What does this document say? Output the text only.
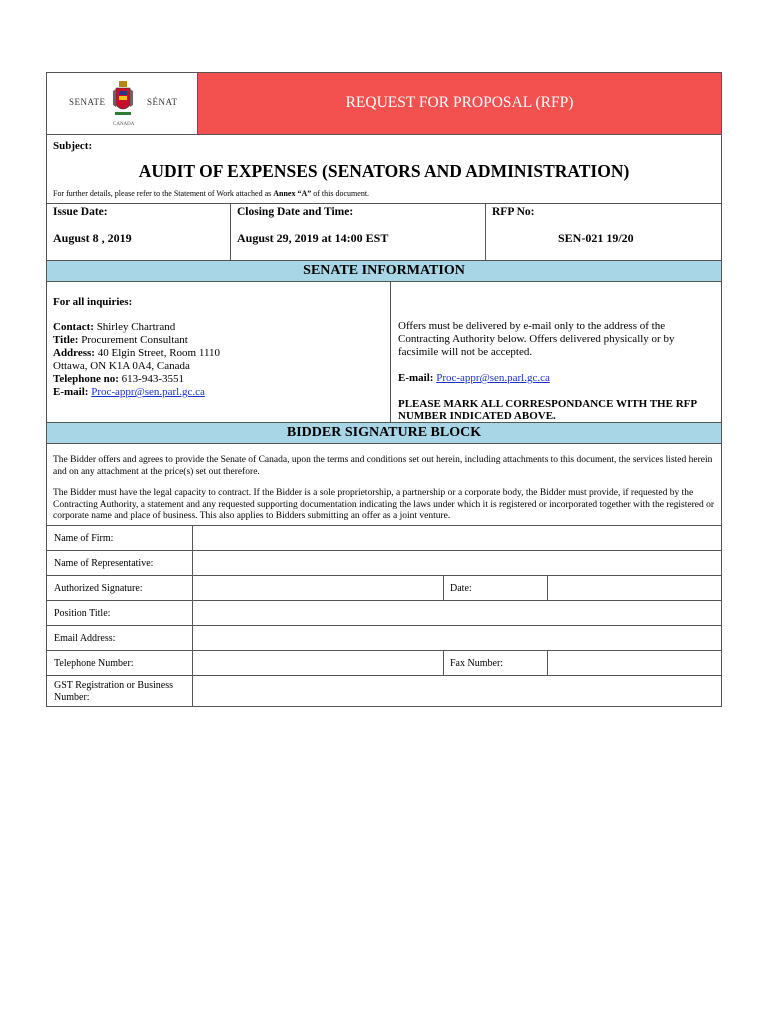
SENATE	SÉNAT
CANADA
REQUEST FOR PROPOSAL (RFP)
Subject:
AUDIT OF EXPENSES (SENATORS AND ADMINISTRATION)
For further details, please refer to the Statement of Work attached as Annex “A” of this document.
Issue Date:
August 8 , 2019
Closing Date and Time:
August 29, 2019 at 14:00 EST
RFP No:
SEN-021 19/20
SENATE INFORMATION
For all inquiries:
Contact: Shirley Chartrand
Title: Procurement Consultant
Address: 40 Elgin Street, Room 1110
Ottawa, ON K1A 0A4, Canada
Telephone no: 613-943-3551
E-mail: Proc-appr@sen.parl.gc.ca
Offers must be delivered by e-mail only to the address of the Contracting Authority below. Offers delivered physically or by facsimile will not be accepted.
E-mail: Proc-appr@sen.parl.gc.ca
PLEASE MARK ALL CORRESPONDANCE WITH THE RFP NUMBER INDICATED ABOVE.
BIDDER SIGNATURE BLOCK

The Bidder offers and agrees to provide the Senate of Canada, upon the terms and conditions set out herein, including attachments to this document, the services listed herein and on any attachment at the price(s) set out therefore.

The Bidder must have the legal capacity to contract. If the Bidder is a sole proprietorship, a partnership or a corporate body, the Bidder must provide, if requested by the Contracting Authority, a statement and any requested supporting documentation indicating the laws under which it is registered or incorporated together with the registered or corporate name and place of business. This also applies to Bidders submitting an offer as a joint venture.

Name of Firm:
Name of Representative:
Authorized Signature:	Date:
Position Title:
Email Address:
Telephone Number:	Fax Number:
GST Registration or Business Number:
